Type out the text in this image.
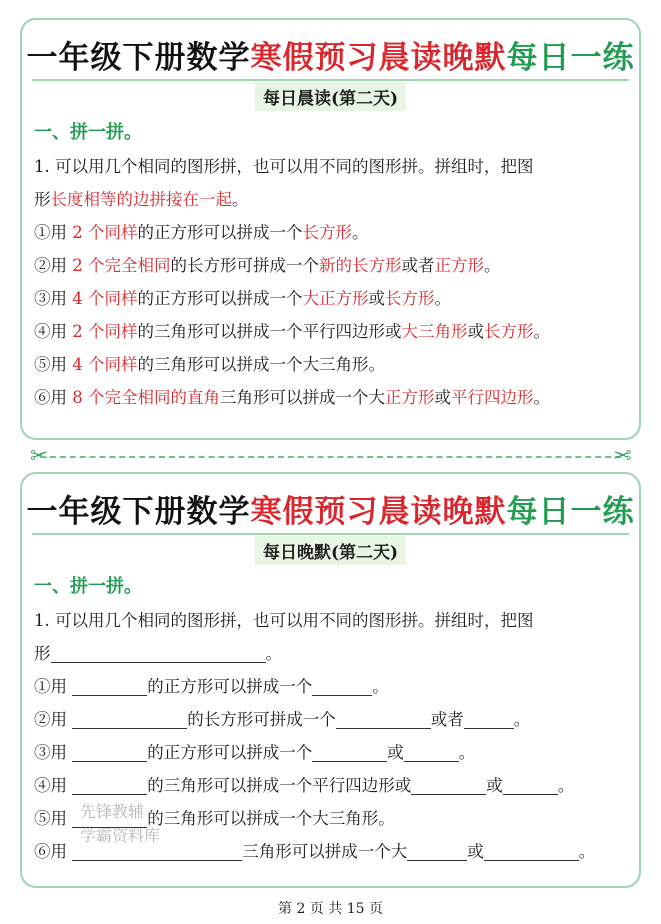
一年级下册数学寒假预习晨读晚默每日一练
每日晨读(第二天)
一、拼一拼。
1. 可以用几个相同的图形拼，也可以用不同的图形拼。拼组时，把图
形长度相等的边拼接在一起。
①用 2 个同样的正方形可以拼成一个长方形。
②用 2 个完全相同的长方形可拼成一个新的长方形或者正方形。
③用 4 个同样的正方形可以拼成一个大正方形或长方形。
④用 2 个同样的三角形可以拼成一个平行四边形或大三角形或长方形。
⑤用 4 个同样的三角形可以拼成一个大三角形。
⑥用 8 个完全相同的直角三角形可以拼成一个大正方形或平行四边形。
✂	✂
一年级下册数学寒假预习晨读晚默每日一练
每日晚默(第二天)
一、拼一拼。
1. 可以用几个相同的图形拼，也可以用不同的图形拼。拼组时，把图
形	。
①用	的正方形可以拼成一个	。
②用	的长方形可拼成一个	或者	。
③用	的正方形可以拼成一个	或	。
④用	的三角形可以拼成一个平行四边形或	或	。
⑤用	的三角形可以拼成一个大三角形。
⑥用	三角形可以拼成一个大	或	。
先锋教辅
学霸资料库
第 2 页 共 15 页
